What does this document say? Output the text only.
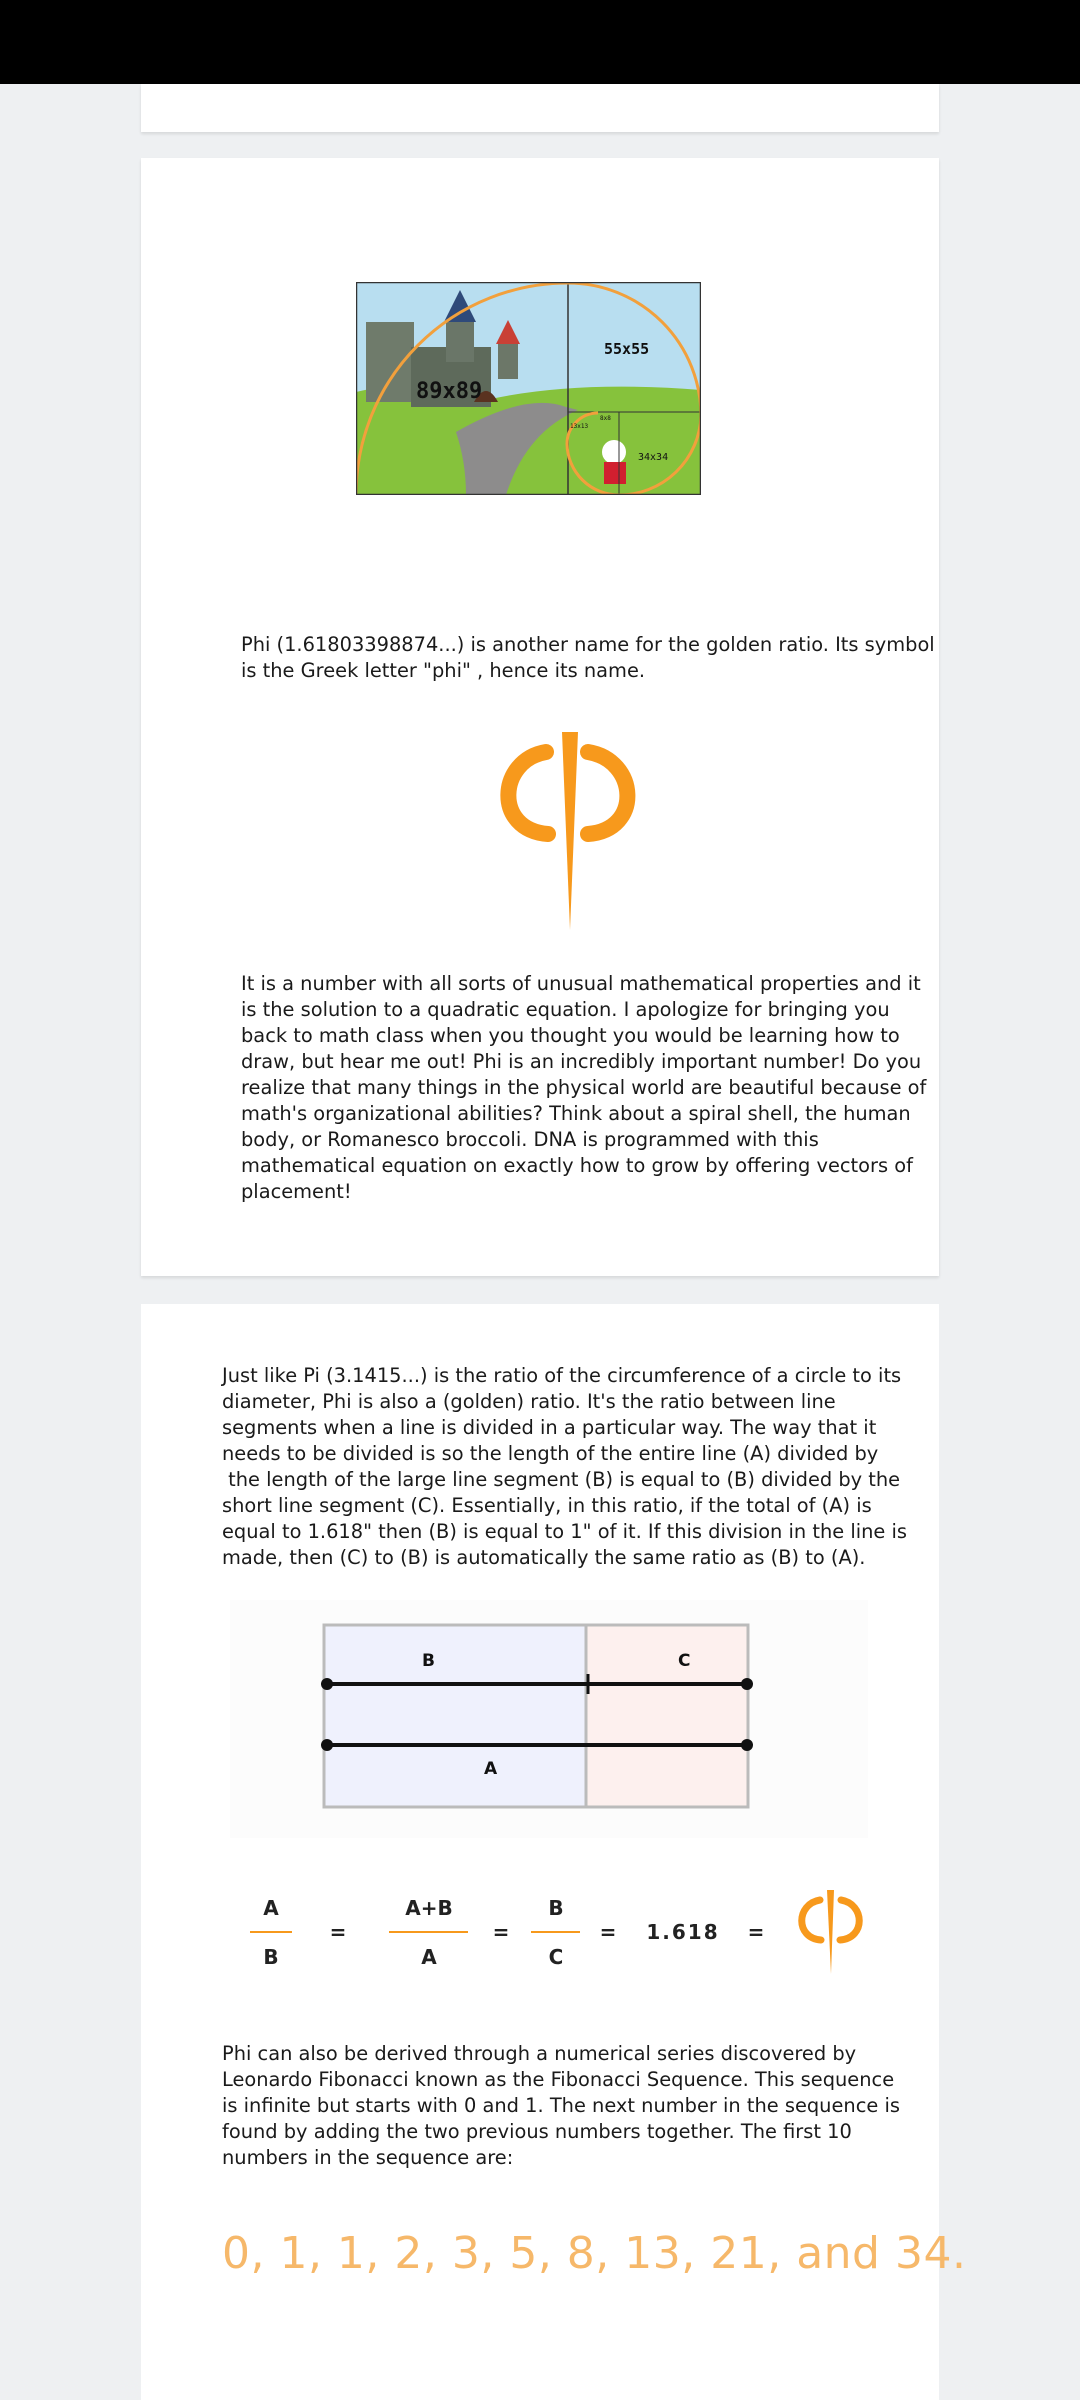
89x89
55x55
34x34
13x13
8x8

Phi (1.61803398874...) is another name for the golden ratio. Its symbol

is the Greek letter "phi" , hence its name.

It is a number with all sorts of unusual mathematical properties and it

is the solution to a quadratic equation. I apologize for bringing you

back to math class when you thought you would be learning how to

draw, but hear me out! Phi is an incredibly important number! Do you

realize that many things in the physical world are beautiful because of

math's organizational abilities? Think about a spiral shell, the human

body, or Romanesco broccoli. DNA is programmed with this

mathematical equation on exactly how to grow by offering vectors of

placement!

Just like Pi (3.1415...) is the ratio of the circumference of a circle to its

diameter, Phi is also a (golden) ratio. It's the ratio between line

segments when a line is divided in a particular way. The way that it

needs to be divided is so the length of the entire line (A) divided by

the length of the large line segment (B) is equal to (B) divided by the

short line segment (C). Essentially, in this ratio, if the total of (A) is

equal to 1.618" then (B) is equal to 1" of it. If this division in the line is

made, then (C) to (B) is automatically the same ratio as (B) to (A).

B	C
A
A
B
=
A+B
A
=
B
C
= 1.618 =

Phi can also be derived through a numerical series discovered by

Leonardo Fibonacci known as the Fibonacci Sequence. This sequence

is infinite but starts with 0 and 1. The next number in the sequence is

found by adding the two previous numbers together. The first 10

numbers in the sequence are:

0, 1, 1, 2, 3, 5, 8, 13, 21, and 34.
